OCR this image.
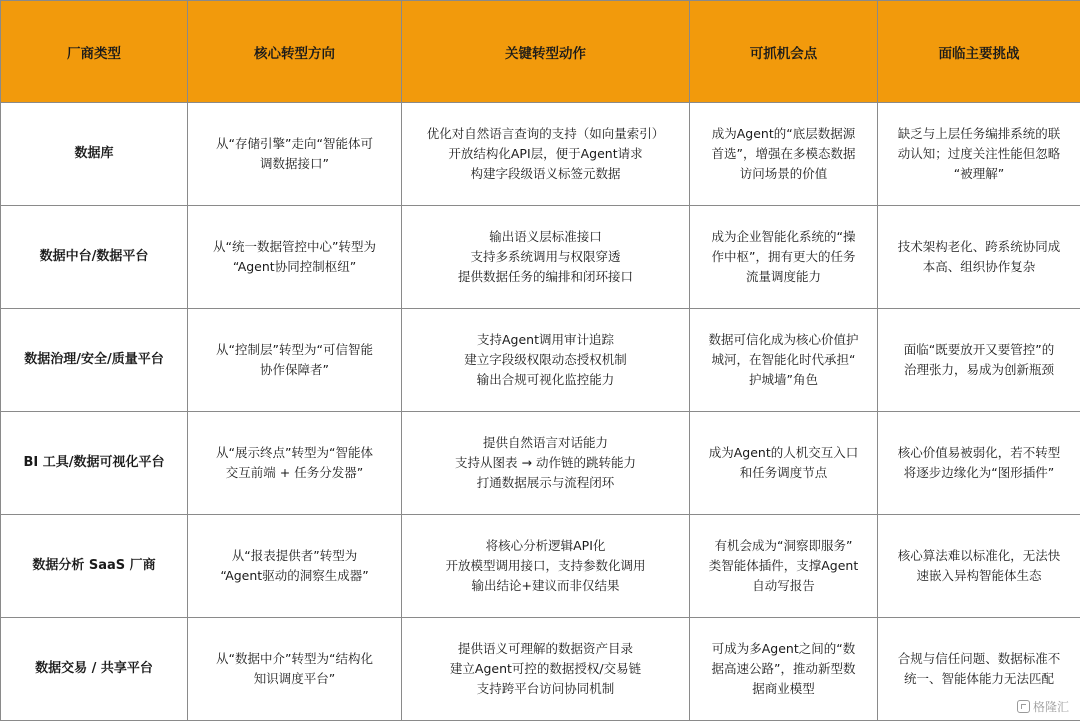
厂商类型	核心转型方向	关键转型动作	可抓机会点	面临主要挑战
数据库	从“存储引擎”走向“智能体可
调数据接口”	优化对自然语言查询的支持（如向量索引）
开放结构化API层，便于Agent请求
构建字段级语义标签元数据	成为Agent的“底层数据源
首选”，增强在多模态数据
访问场景的价值	缺乏与上层任务编排系统的联
动认知；过度关注性能但忽略
“被理解”

数据中台/数据平台	从“统一数据管控中心”转型为
“Agent协同控制枢纽”	输出语义层标准接口
支持多系统调用与权限穿透
提供数据任务的编排和闭环接口	成为企业智能化系统的“操
作中枢”，拥有更大的任务
流量调度能力	技术架构老化、跨系统协同成
本高、组织协作复杂

数据治理/安全/质量平台	从“控制层”转型为“可信智能
协作保障者”	支持Agent调用审计追踪
建立字段级权限动态授权机制
输出合规可视化监控能力	数据可信化成为核心价值护
城河，在智能化时代承担“
护城墙”角色	面临“既要放开又要管控”的
治理张力，易成为创新瓶颈

BI 工具/数据可视化平台	从“展示终点”转型为“智能体
交互前端 + 任务分发器”	提供自然语言对话能力
支持从图表 → 动作链的跳转能力
打通数据展示与流程闭环	成为Agent的人机交互入口
和任务调度节点	核心价值易被弱化，若不转型
将逐步边缘化为“图形插件”

数据分析 SaaS 厂商	从“报表提供者”转型为
“Agent驱动的洞察生成器”	将核心分析逻辑API化
开放模型调用接口，支持参数化调用
输出结论+建议而非仅结果	有机会成为“洞察即服务”
类智能体插件，支撑Agent
自动写报告	核心算法难以标准化，无法快
速嵌入异构智能体生态

数据交易 / 共享平台	从“数据中介”转型为“结构化
知识调度平台”	提供语义可理解的数据资产目录
建立Agent可控的数据授权/交易链
支持跨平台访问协同机制	可成为多Agent之间的“数
据高速公路”，推动新型数
据商业模型	合规与信任问题、数据标准不
统一、智能体能力无法匹配
格隆汇
